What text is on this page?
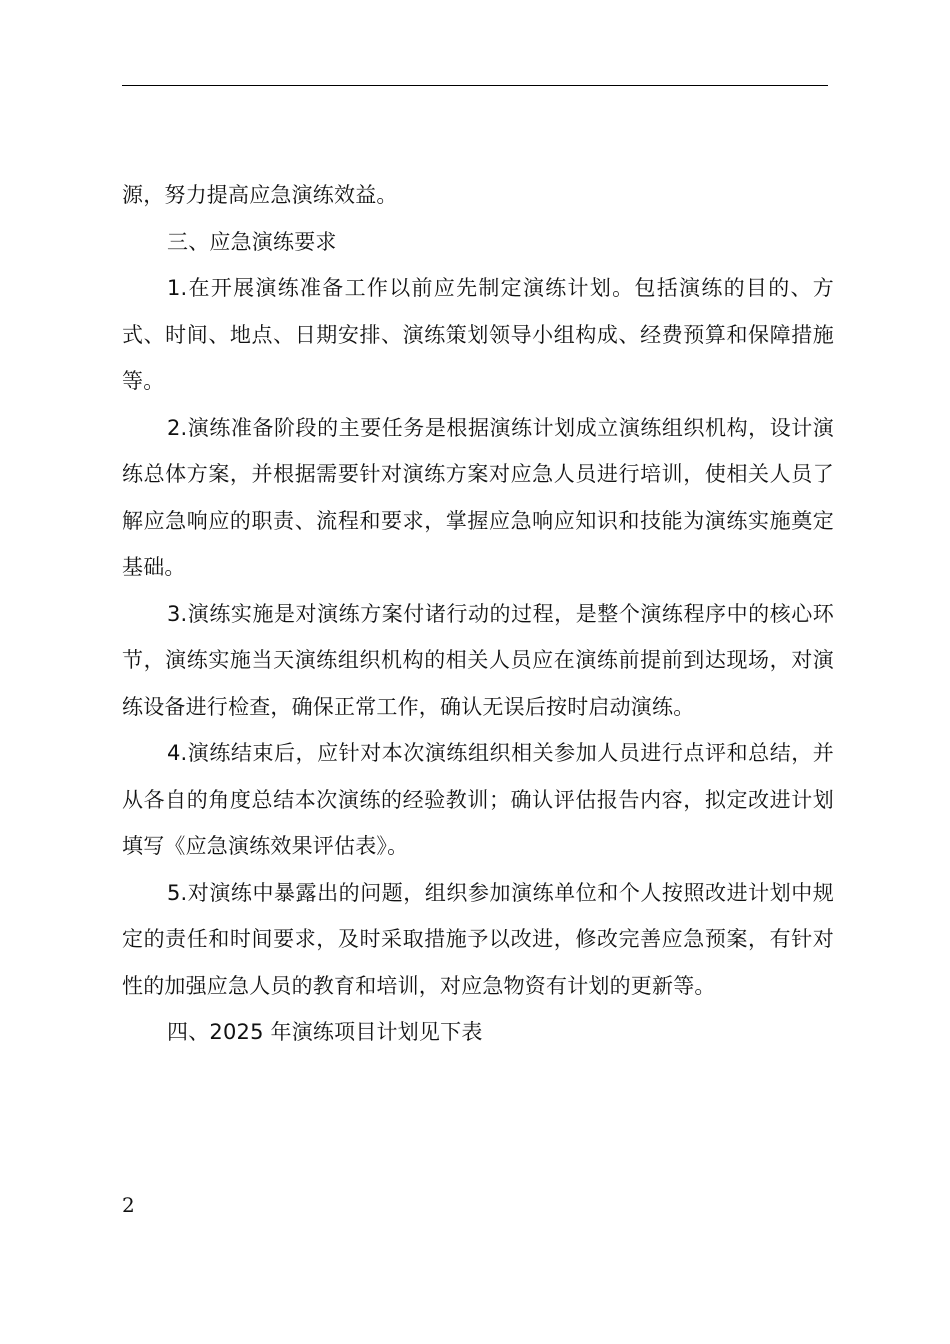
源，努力提高应急演练效益。

三、应急演练要求

1.在开展演练准备工作以前应先制定演练计划。包括演练的目的、方式、时间、地点、日期安排、演练策划领导小组构成、经费预算和保障措施等。

2.演练准备阶段的主要任务是根据演练计划成立演练组织机构，设计演练总体方案，并根据需要针对演练方案对应急人员进行培训，使相关人员了解应急响应的职责、流程和要求，掌握应急响应知识和技能为演练实施奠定基础。

3.演练实施是对演练方案付诸行动的过程，是整个演练程序中的核心环节，演练实施当天演练组织机构的相关人员应在演练前提前到达现场，对演练设备进行检查，确保正常工作，确认无误后按时启动演练。

4.演练结束后，应针对本次演练组织相关参加人员进行点评和总结，并从各自的角度总结本次演练的经验教训；确认评估报告内容，拟定改进计划填写《应急演练效果评估表》。

5.对演练中暴露出的问题，组织参加演练单位和个人按照改进计划中规定的责任和时间要求，及时采取措施予以改进，修改完善应急预案，有针对性的加强应急人员的教育和培训，对应急物资有计划的更新等。

四、2025 年演练项目计划见下表

2
